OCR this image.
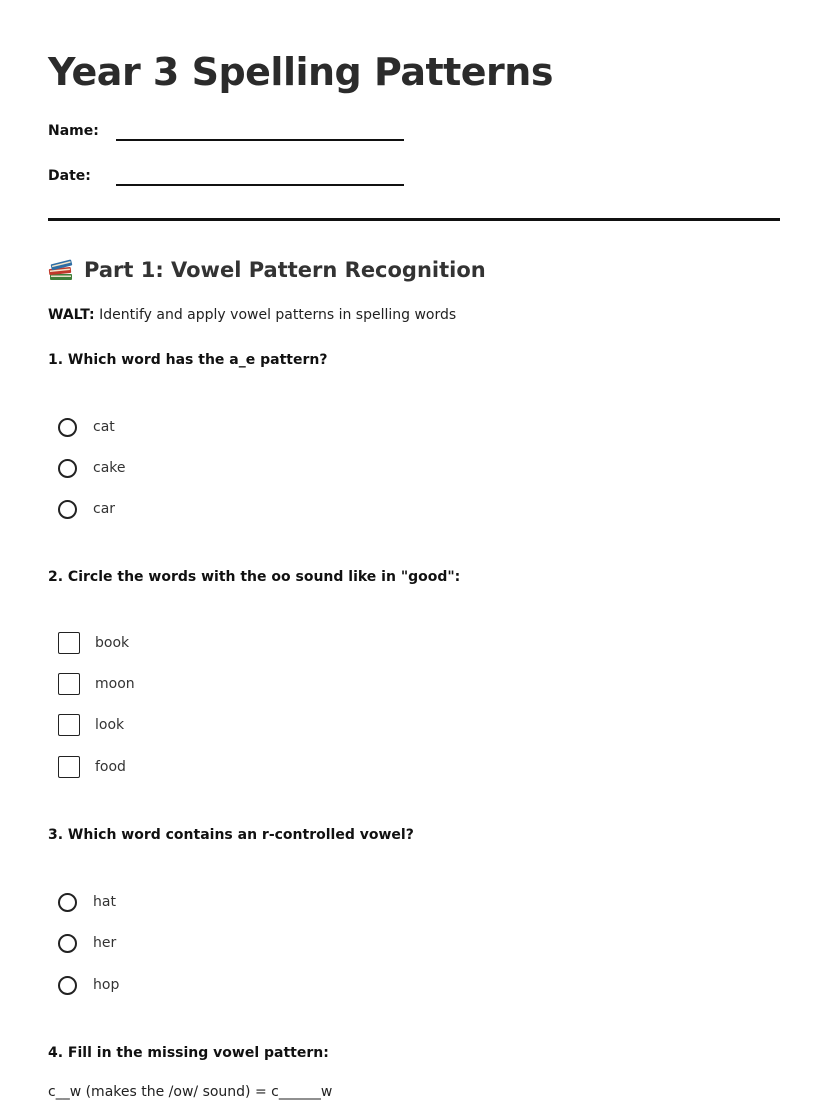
Year 3 Spelling Patterns
Name:
Date:
Part 1: Vowel Pattern Recognition
WALT: Identify and apply vowel patterns in spelling words
1. Which word has the a_e pattern?
cat
cake
car
2. Circle the words with the oo sound like in "good":
book
moon
look
food
3. Which word contains an r-controlled vowel?
hat
her
hop
4. Fill in the missing vowel pattern:
c__w (makes the /ow/ sound) = c______w
